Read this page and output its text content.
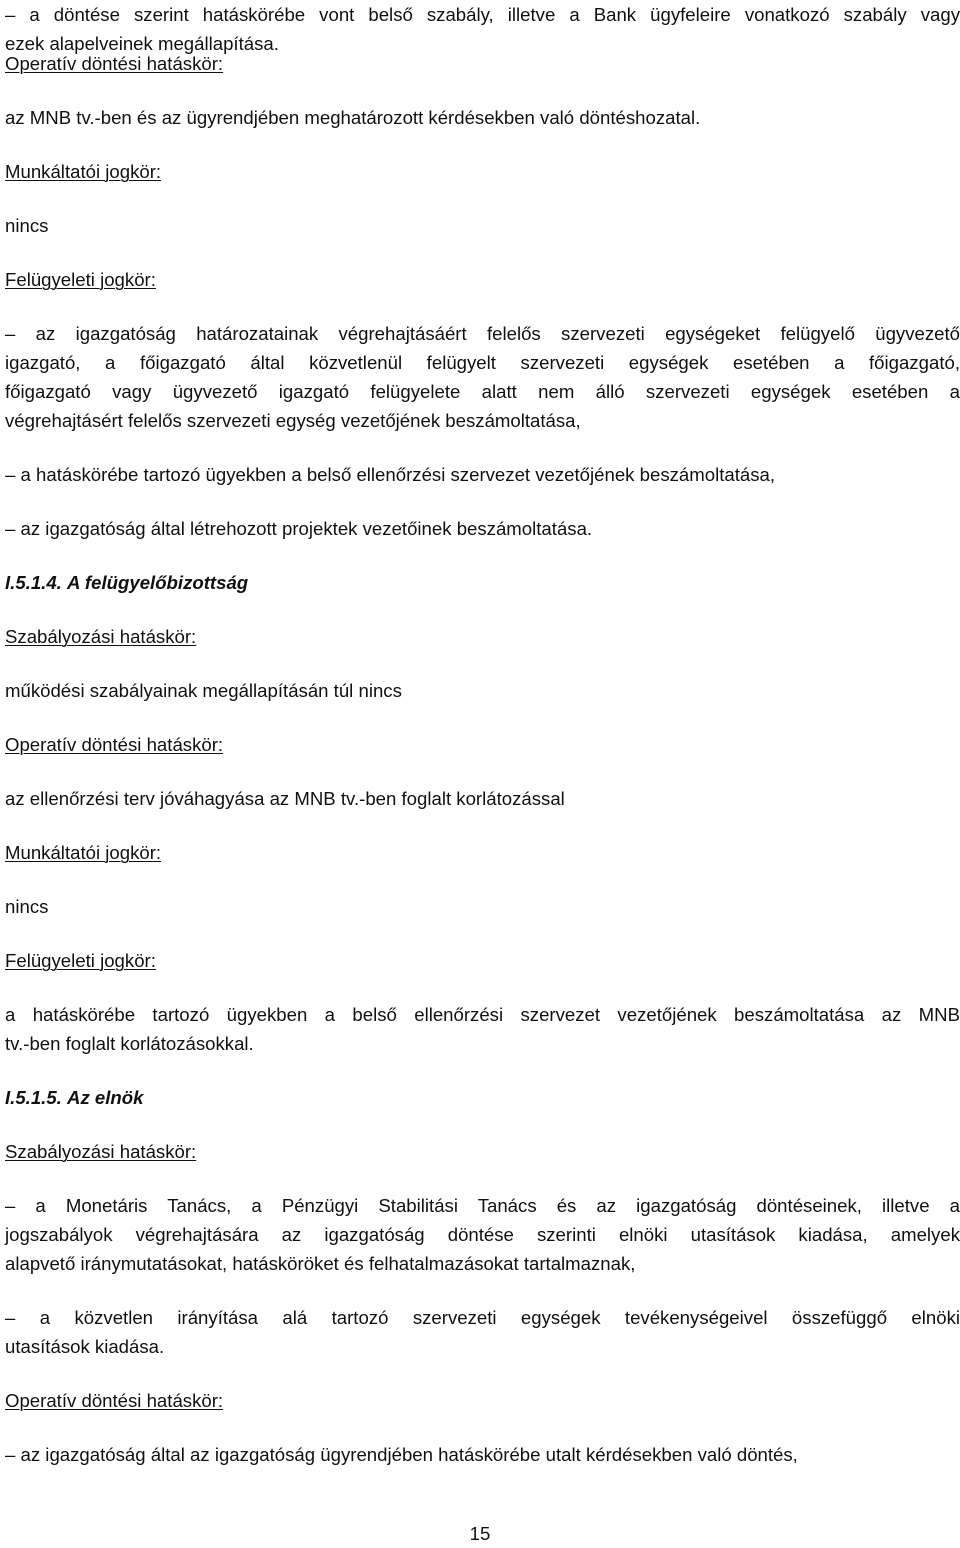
– a döntése szerint hatáskörébe vont belső szabály, illetve a Bank ügyfeleire vonatkozó szabály vagy
ezek alapelveinek megállapítása.
Operatív döntési hatáskör:
az MNB tv.-ben és az ügyrendjében meghatározott kérdésekben való döntéshozatal.
Munkáltatói jogkör:
nincs
Felügyeleti jogkör:
– az igazgatóság határozatainak végrehajtásáért felelős szervezeti egységeket felügyelő ügyvezető
igazgató, a főigazgató által közvetlenül felügyelt szervezeti egységek esetében a főigazgató,
főigazgató vagy ügyvezető igazgató felügyelete alatt nem álló szervezeti egységek esetében a
végrehajtásért felelős szervezeti egység vezetőjének beszámoltatása,
– a hatáskörébe tartozó ügyekben a belső ellenőrzési szervezet vezetőjének beszámoltatása,
– az igazgatóság által létrehozott projektek vezetőinek beszámoltatása.
I.5.1.4. A felügyelőbizottság
Szabályozási hatáskör:
működési szabályainak megállapításán túl nincs
Operatív döntési hatáskör:
az ellenőrzési terv jóváhagyása az MNB tv.-ben foglalt korlátozással
Munkáltatói jogkör:
nincs
Felügyeleti jogkör:
a hatáskörébe tartozó ügyekben a belső ellenőrzési szervezet vezetőjének beszámoltatása az MNB
tv.-ben foglalt korlátozásokkal.
I.5.1.5. Az elnök
Szabályozási hatáskör:
– a Monetáris Tanács, a Pénzügyi Stabilitási Tanács és az igazgatóság döntéseinek, illetve a
jogszabályok végrehajtására az igazgatóság döntése szerinti elnöki utasítások kiadása, amelyek
alapvető iránymutatásokat, hatásköröket és felhatalmazásokat tartalmaznak,
– a közvetlen irányítása alá tartozó szervezeti egységek tevékenységeivel összefüggő elnöki
utasítások kiadása.
Operatív döntési hatáskör:
– az igazgatóság által az igazgatóság ügyrendjében hatáskörébe utalt kérdésekben való döntés,
15
